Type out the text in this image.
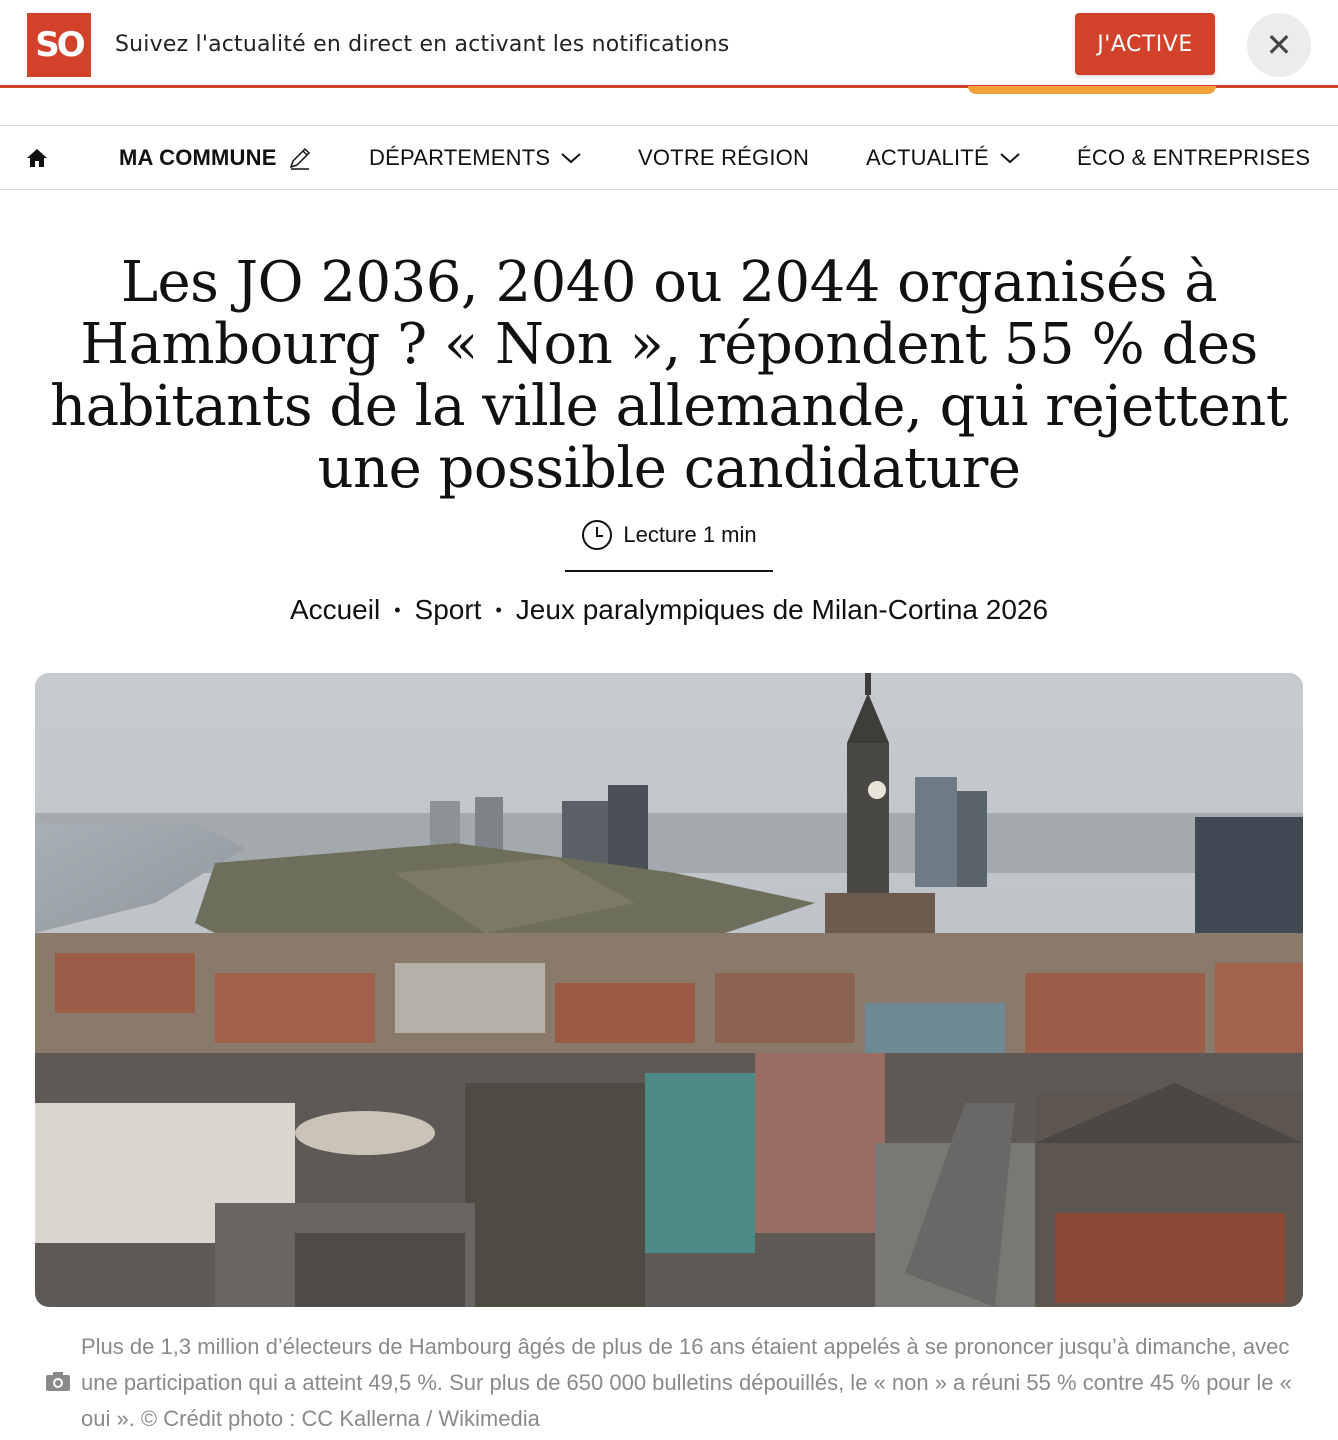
SO	Suivez l'actualité en direct en activant les notifications	J'ACTIVE	✕
MA COMMUNE	DÉPARTEMENTS	VOTRE RÉGION	ACTUALITÉ	ÉCO & ENTREPRISES
Les JO 2036, 2040 ou 2044 organisés à Hambourg ? « Non », répondent 55 % des habitants de la ville allemande, qui rejettent une possible candidature
Lecture 1 min
Accueil • Sport • Jeux paralympiques de Milan-Cortina 2026

Plus de 1,3 million d’électeurs de Hambourg âgés de plus de 16 ans étaient appelés à se prononcer jusqu’à dimanche, avec une participation qui a atteint 49,5 %. Sur plus de 650 000 bulletins dépouillés, le « non » a réuni 55 % contre 45 % pour le « oui ». © Crédit photo : CC Kallerna / Wikimedia
